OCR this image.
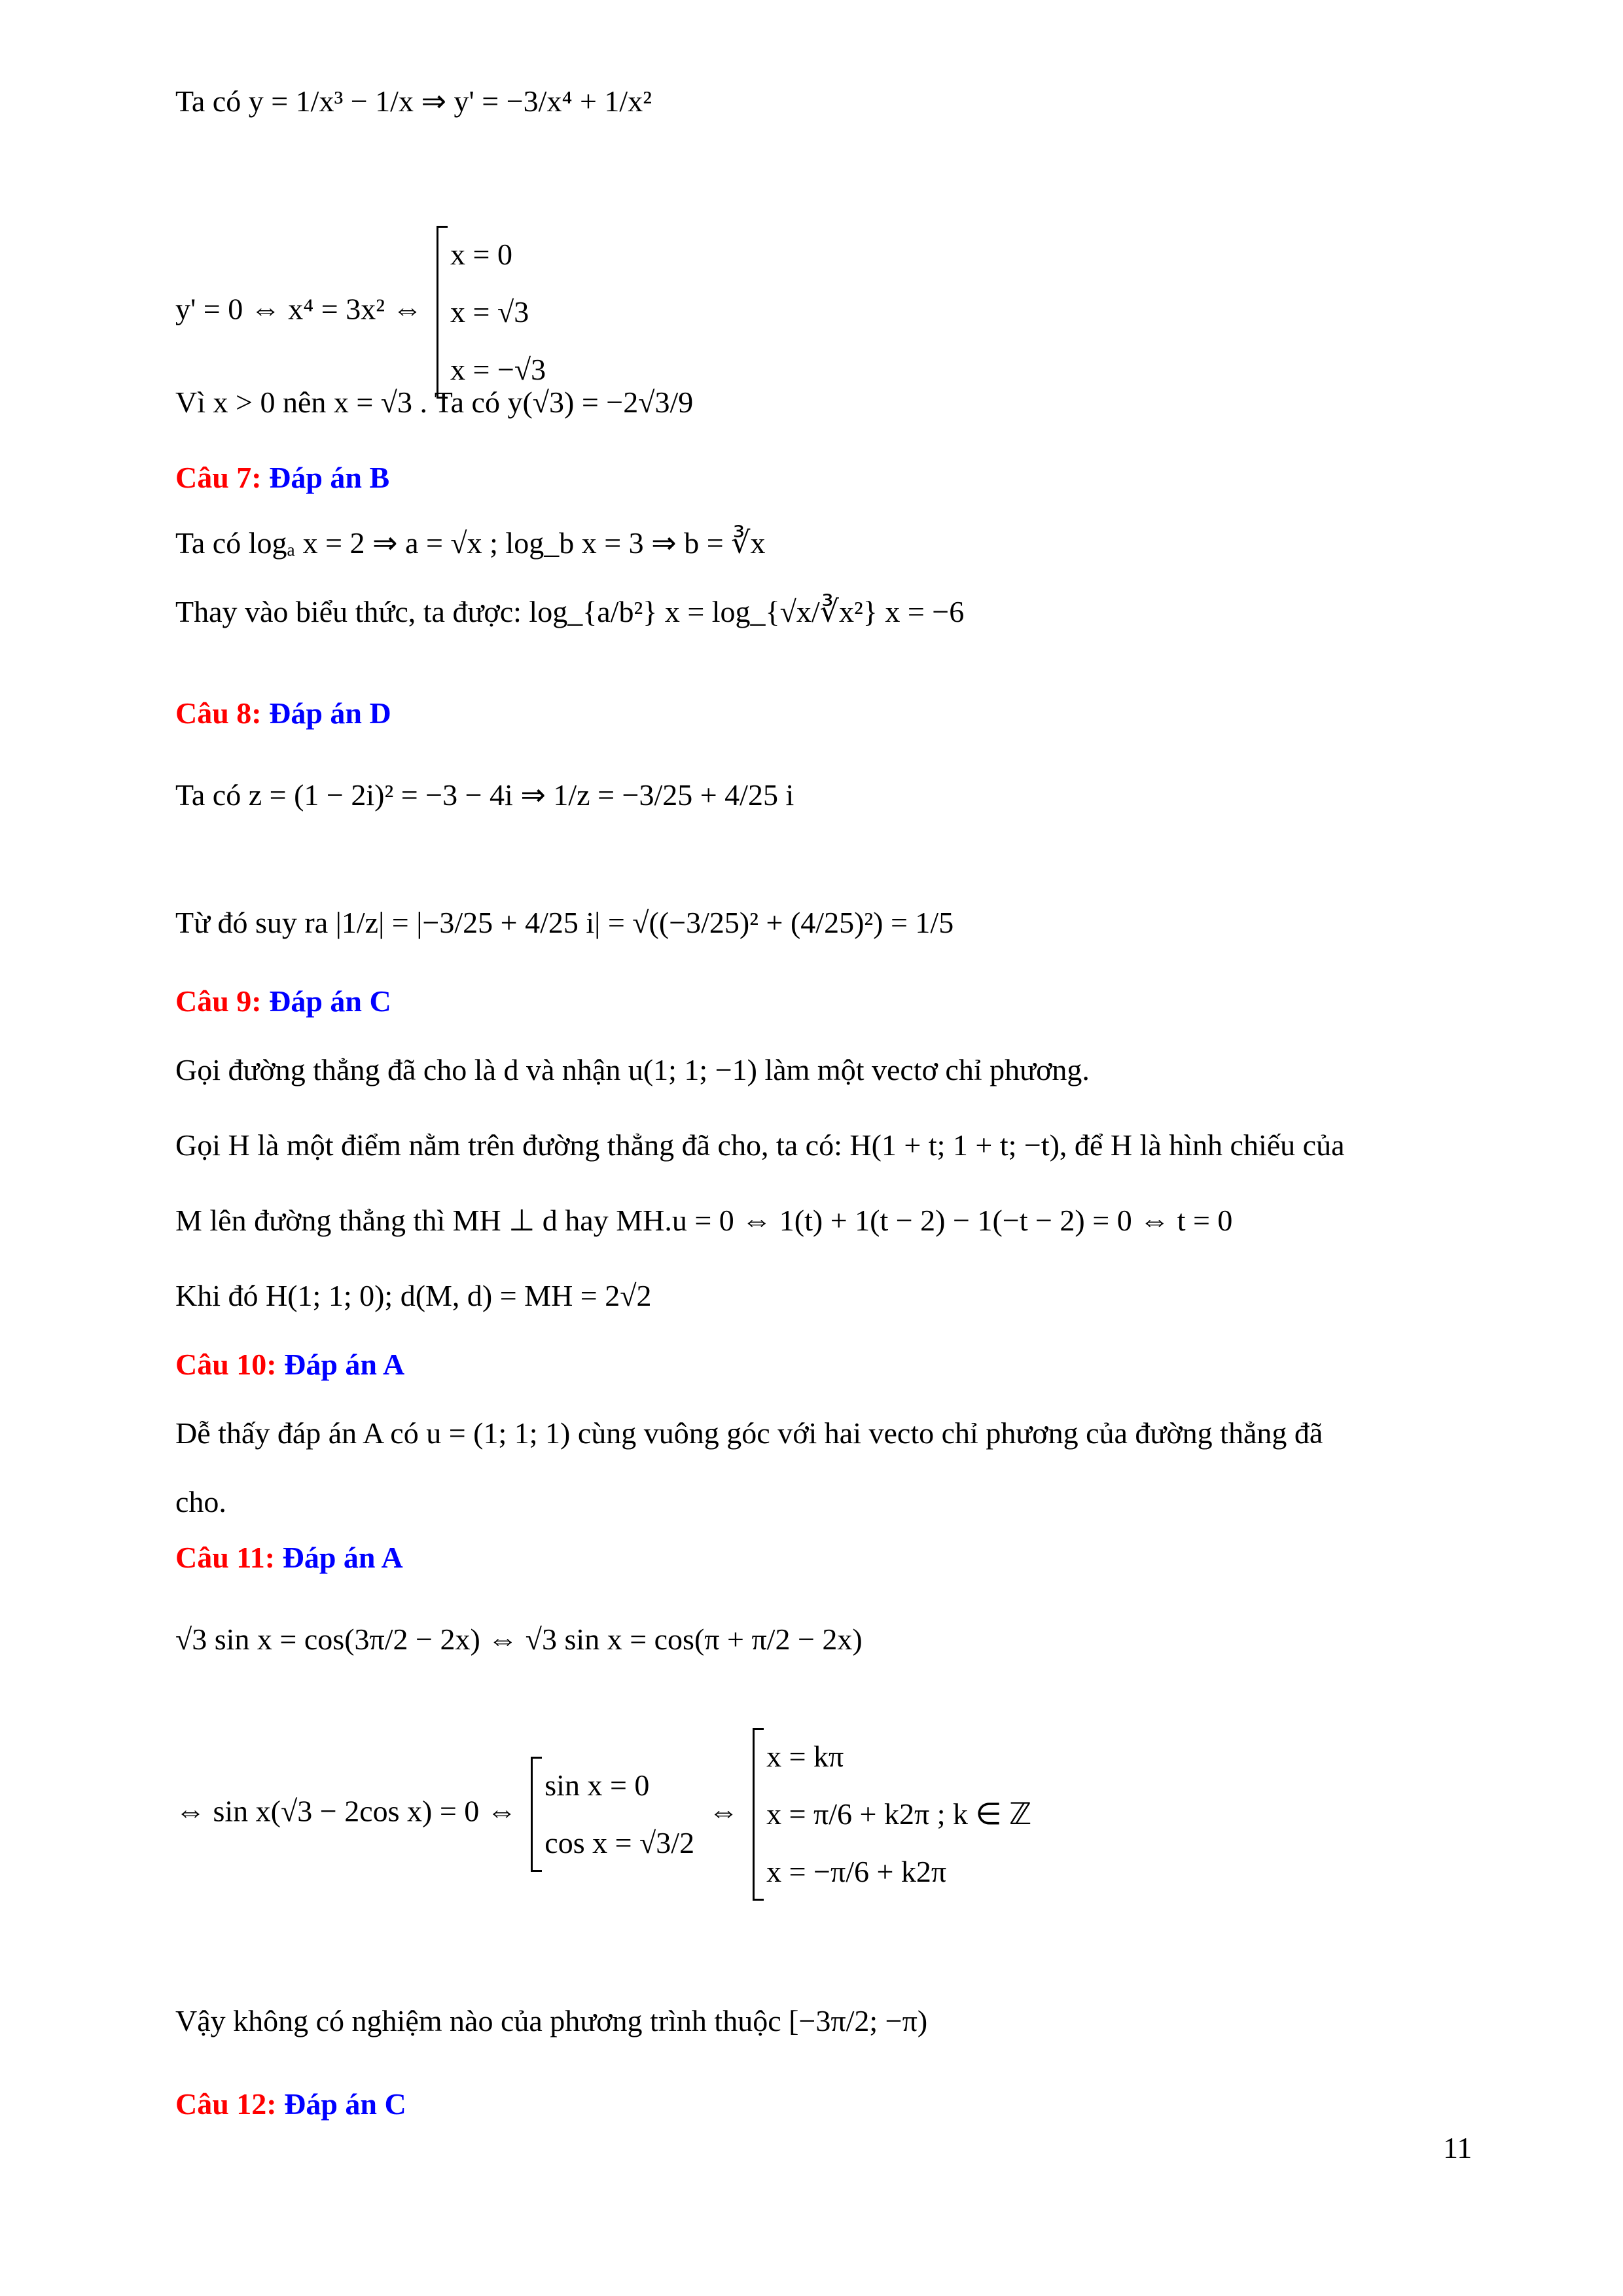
Ta có y = 1/x³ − 1/x ⇒ y' = −3/x⁴ + 1/x²
y' = 0 ⇔ x⁴ = 3x² ⇔
x = 0
x = √3
x = −√3
Vì x > 0 nên x = √3 . Ta có y(√3) = −2√3/9
Câu 7: Đáp án B
Ta có logₐ x = 2 ⇒ a = √x ; log_b x = 3 ⇒ b = ∛x
Thay vào biểu thức, ta được: log_{a/b²} x = log_{√x/∛x²} x = −6
Câu 8: Đáp án D
Ta có z = (1 − 2i)² = −3 − 4i ⇒ 1/z = −3/25 + 4/25 i
Từ đó suy ra |1/z| = |−3/25 + 4/25 i| = √((−3/25)² + (4/25)²) = 1/5
Câu 9: Đáp án C
Gọi đường thẳng đã cho là d và nhận u(1; 1; −1) làm một vectơ chỉ phương.
Gọi H là một điểm nằm trên đường thẳng đã cho, ta có: H(1 + t; 1 + t; −t), để H là hình chiếu của
M lên đường thẳng thì MH ⊥ d hay MH.u = 0 ⇔ 1(t) + 1(t − 2) − 1(−t − 2) = 0 ⇔ t = 0
Khi đó H(1; 1; 0); d(M, d) = MH = 2√2
Câu 10: Đáp án A
Dễ thấy đáp án A có u = (1; 1; 1) cùng vuông góc với hai vecto chỉ phương của đường thẳng đã
cho.
Câu 11: Đáp án A
√3 sin x = cos(3π/2 − 2x) ⇔ √3 sin x = cos(π + π/2 − 2x)
⇔ sin x(√3 − 2cos x) = 0 ⇔
sin x = 0
cos x = √3/2
⇔
x = kπ
x = π/6 + k2π ; k ∈ ℤ
x = −π/6 + k2π
Vậy không có nghiệm nào của phương trình thuộc [−3π/2; −π)
Câu 12: Đáp án C
11
